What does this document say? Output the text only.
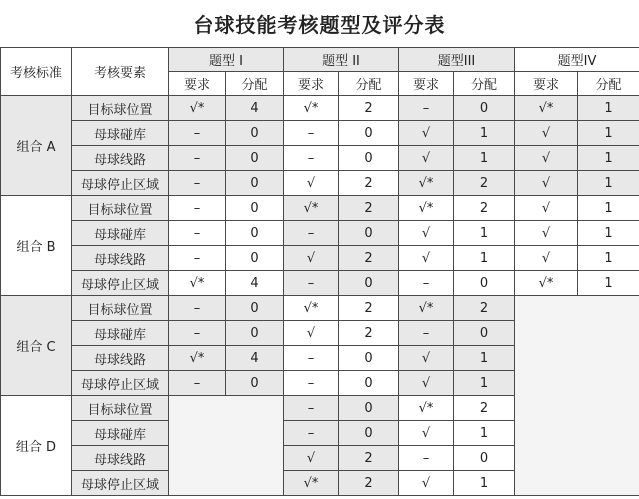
台球技能考核题型及评分表
考核标准	考核要素	题型 I		题型 II		题型III		题型IV	
		要求	分配	要求	分配	要求	分配	要求	分配
组合 A	目标球位置	√*	4	√*	2	–	0	√*	1
	母球碰库	–	0	–	0	√	1	√	1
	母球线路	–	0	–	0	√	1	√	1
	母球停止区域	–	0	√	2	√*	2	√	1
组合 B	目标球位置	–	0	√*	2	√*	2	√	1
	母球碰库	–	0	–	0	√	1	√	1
	母球线路	–	0	√	2	√	1	√	1
	母球停止区域	√*	4	–	0	–	0	√*	1
组合 C	目标球位置	–	0	√*	2	√*	2		
	母球碰库	–	0	√	2	–	0		
	母球线路	√*	4	–	0	√	1		
	母球停止区域	–	0	–	0	√	1		
组合 D	目标球位置			–	0	√*	2		
	母球碰库			–	0	√	1		
	母球线路			√	2	–	0		
	母球停止区域			√*	2	√	1		
